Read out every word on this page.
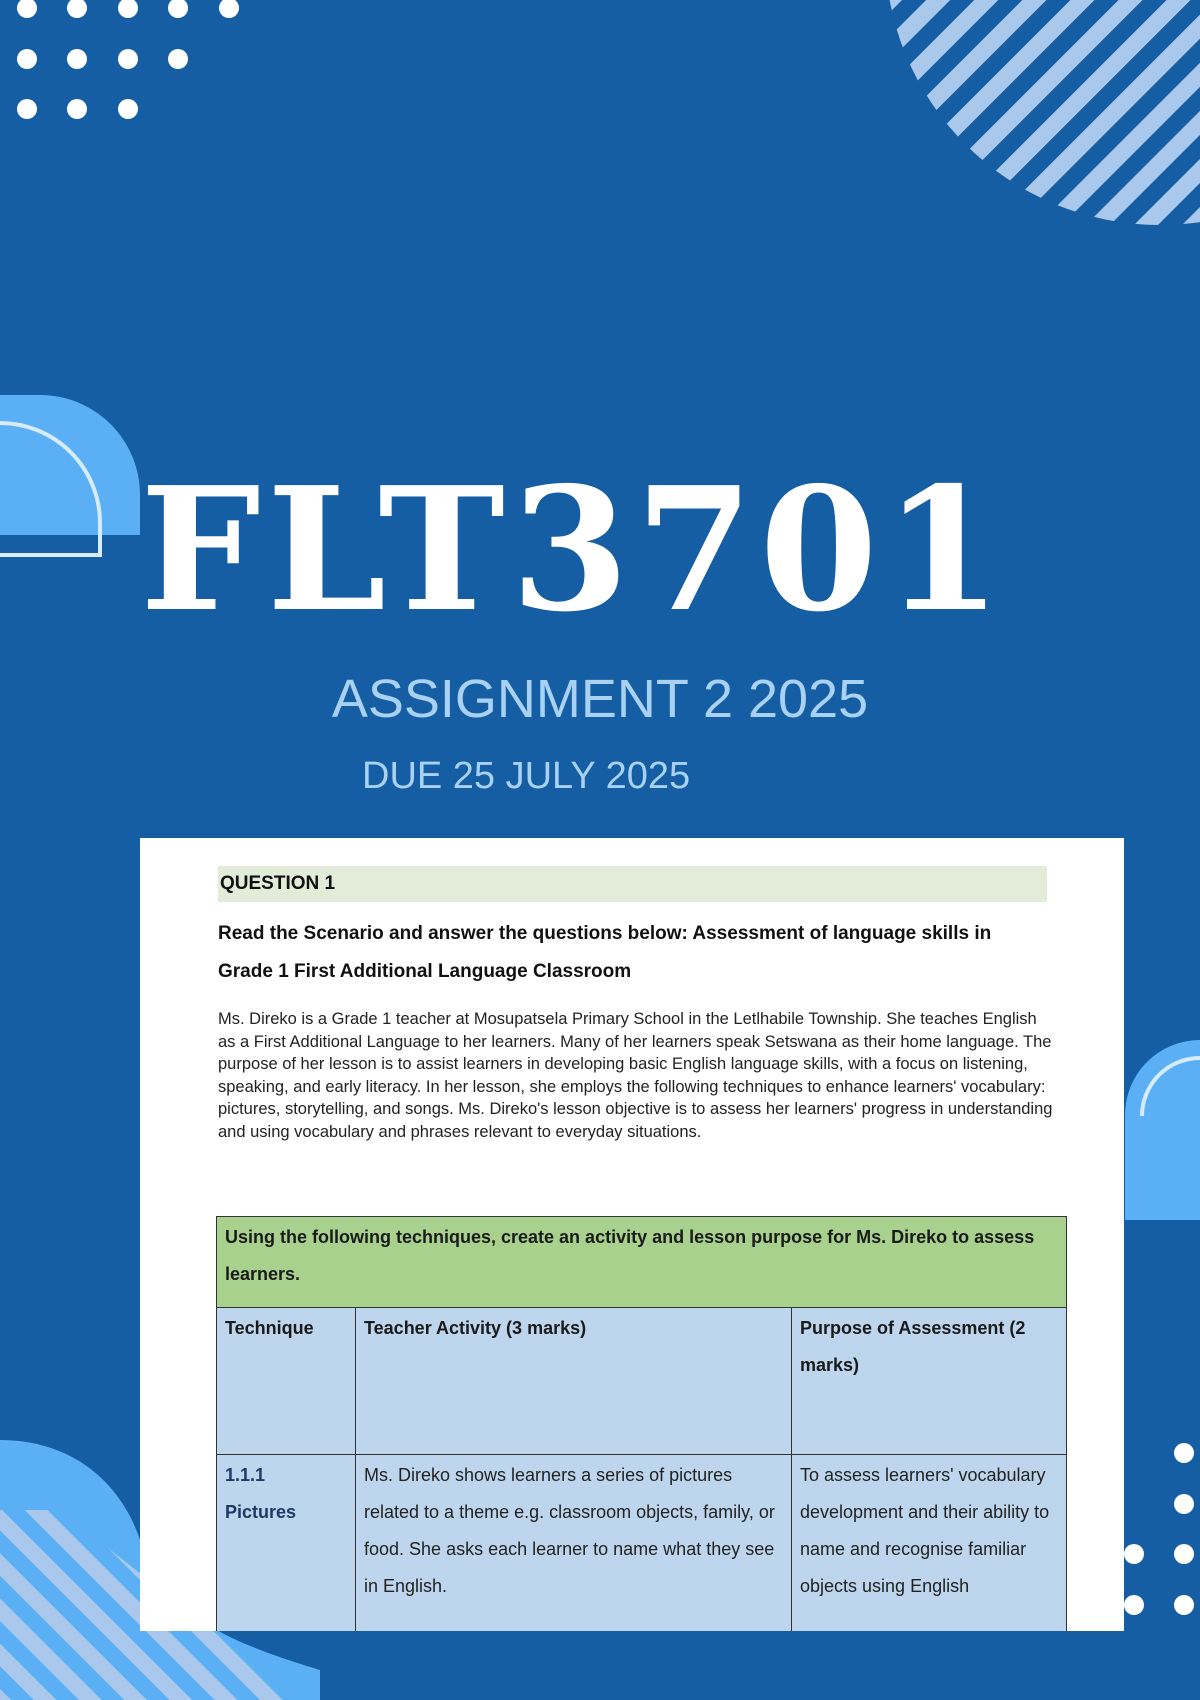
FLT3701
ASSIGNMENT 2 2025
DUE 25 JULY 2025
QUESTION 1
Read the Scenario and answer the questions below: Assessment of language skills in Grade 1 First Additional Language Classroom
Ms. Direko is a Grade 1 teacher at Mosupatsela Primary School in the Letlhabile Township. She teaches English as a First Additional Language to her learners. Many of her learners speak Setswana as their home language. The purpose of her lesson is to assist learners in developing basic English language skills, with a focus on listening, speaking, and early literacy. In her lesson, she employs the following techniques to enhance learners' vocabulary: pictures, storytelling, and songs. Ms. Direko's lesson objective is to assess her learners' progress in understanding and using vocabulary and phrases relevant to everyday situations.
Using the following techniques, create an activity and lesson purpose for Ms. Direko to assess learners.		
Technique	Teacher Activity (3 marks)	Purpose of Assessment (2 marks)

1.1.1
Pictures	Ms. Direko shows learners a series of pictures related to a theme e.g. classroom objects, family, or food. She asks each learner to name what they see in English.	To assess learners' vocabulary development and their ability to name and recognise familiar objects using English
